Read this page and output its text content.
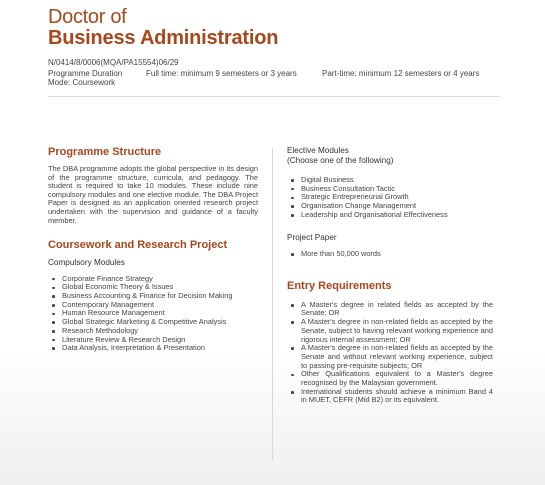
Doctor of
Business Administration
N/0414/8/0006(MQA/PA15554)06/29
Programme Duration	Full time: minimum 9 semesters or 3 years	Part-time: minimum 12 semesters or 4 years
Mode: Coursework
Programme Structure

The DBA programme adopts the global perspective in its design of the programme structure, curricula, and pedagogy. The student is required to take 10 modules. These include nine compulsory modules and one elective module. The DBA Project Paper is designed as an application oriented research project undertaken with the supervision and guidance of a faculty member.

Coursework and Research Project

Compulsory Modules

Corporate Finance Strategy
Global Economic Theory & Issues
Business Accounting & Finance for Decision Making
Contemporary Management
Human Resource Management
Global Strategic Marketing & Competitive Analysis
Research Methodology
Literature Review & Research Design
Data Analysis, Interpretation & Presentation

Elective Modules

(Choose one of the following)

Digital Business
Business Consultation Tactic
Strategic Entrepreneurial Growth
Organisation Change Management
Leadership and Organisational Effectiveness

Project Paper

More than 50,000 words
Entry Requirements
A Master's degree in related fields as accepted by the Senate; OR
A Master's degree in non-related fields as accepted by the Senate, subject to having relevant working experience and rigorous internal assessment; OR
A Master's degree in non-related fields as accepted by the Senate and without relevant working experience, subject to passing pre-requisite subjects; OR
Other Qualifications equivalent to a Master's degree recognised by the Malaysian government.
International students should achieve a minimum Band 4 in MUET, CEFR (Mid B2) or its equivalent.
